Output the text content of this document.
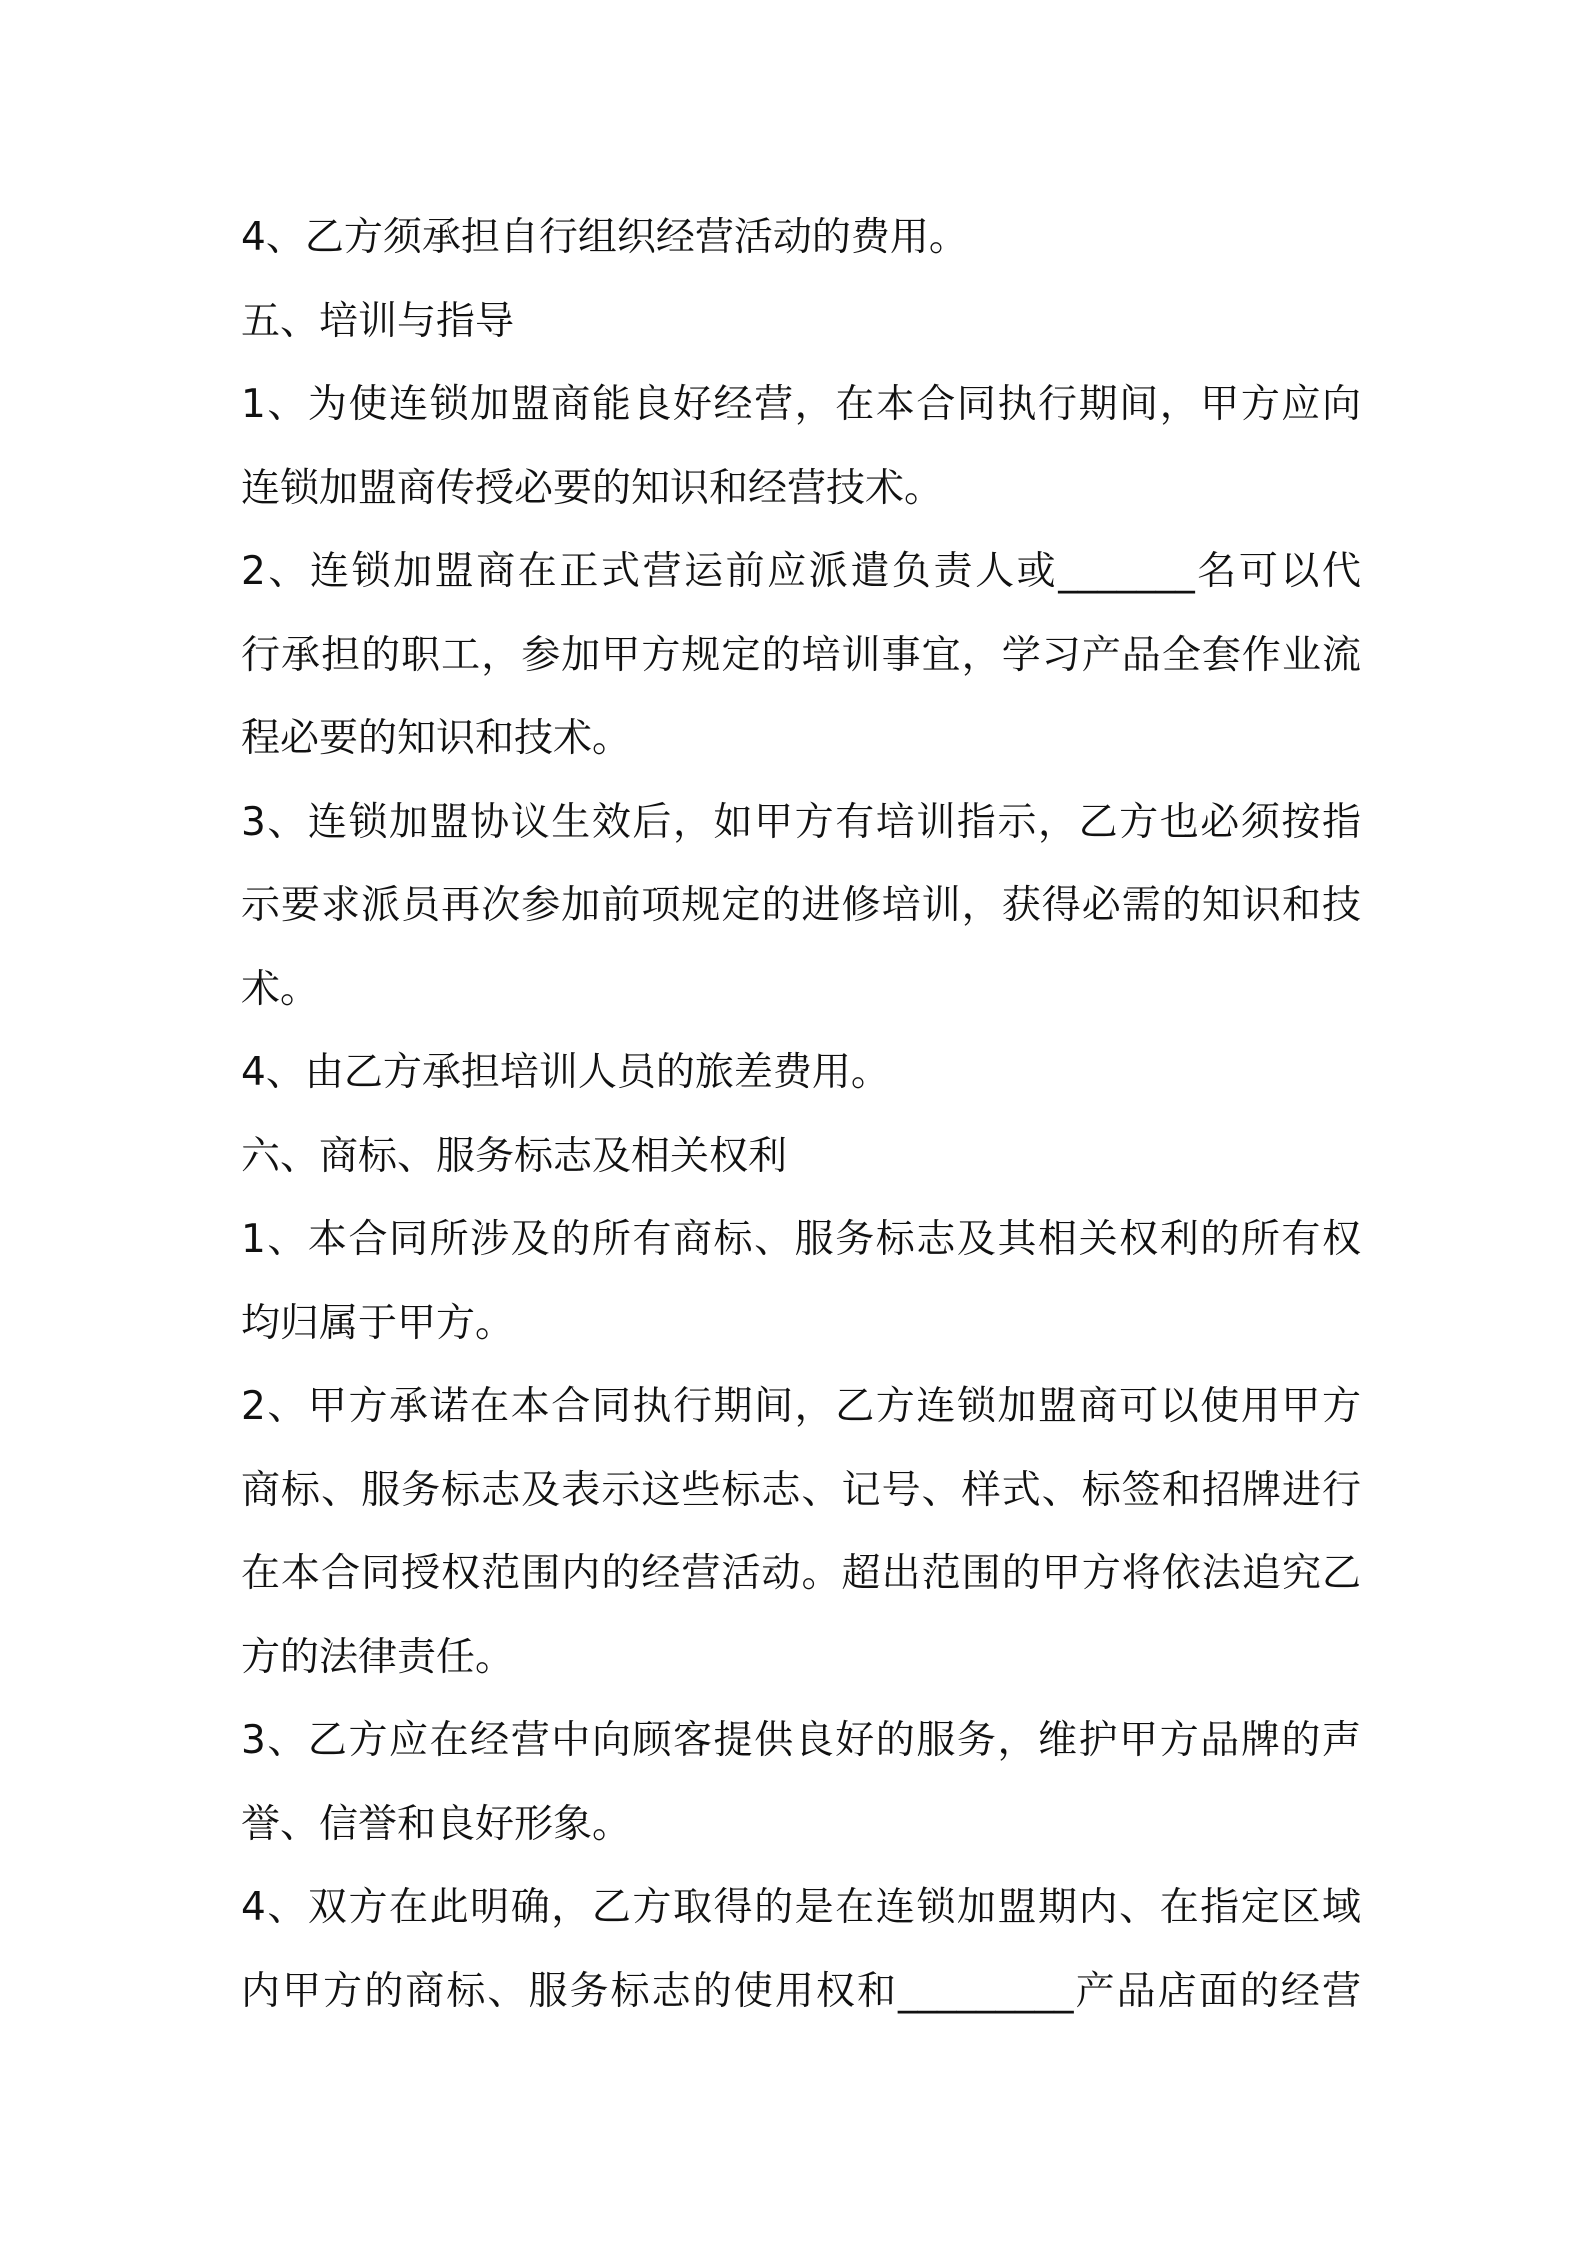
4、乙方须承担自行组织经营活动的费用。
五、培训与指导
1、为使连锁加盟商能良好经营，在本合同执行期间，甲方应向
连锁加盟商传授必要的知识和经营技术。
2、连锁加盟商在正式营运前应派遣负责人或_______名可以代
行承担的职工，参加甲方规定的培训事宜，学习产品全套作业流
程必要的知识和技术。
3、连锁加盟协议生效后，如甲方有培训指示，乙方也必须按指
示要求派员再次参加前项规定的进修培训，获得必需的知识和技
术。
4、由乙方承担培训人员的旅差费用。
六、商标、服务标志及相关权利
1、本合同所涉及的所有商标、服务标志及其相关权利的所有权
均归属于甲方。
2、甲方承诺在本合同执行期间，乙方连锁加盟商可以使用甲方
商标、服务标志及表示这些标志、记号、样式、标签和招牌进行
在本合同授权范围内的经营活动。超出范围的甲方将依法追究乙
方的法律责任。
3、乙方应在经营中向顾客提供良好的服务，维护甲方品牌的声
誉、信誉和良好形象。
4、双方在此明确，乙方取得的是在连锁加盟期内、在指定区域
内甲方的商标、服务标志的使用权和_________产品店面的经营
